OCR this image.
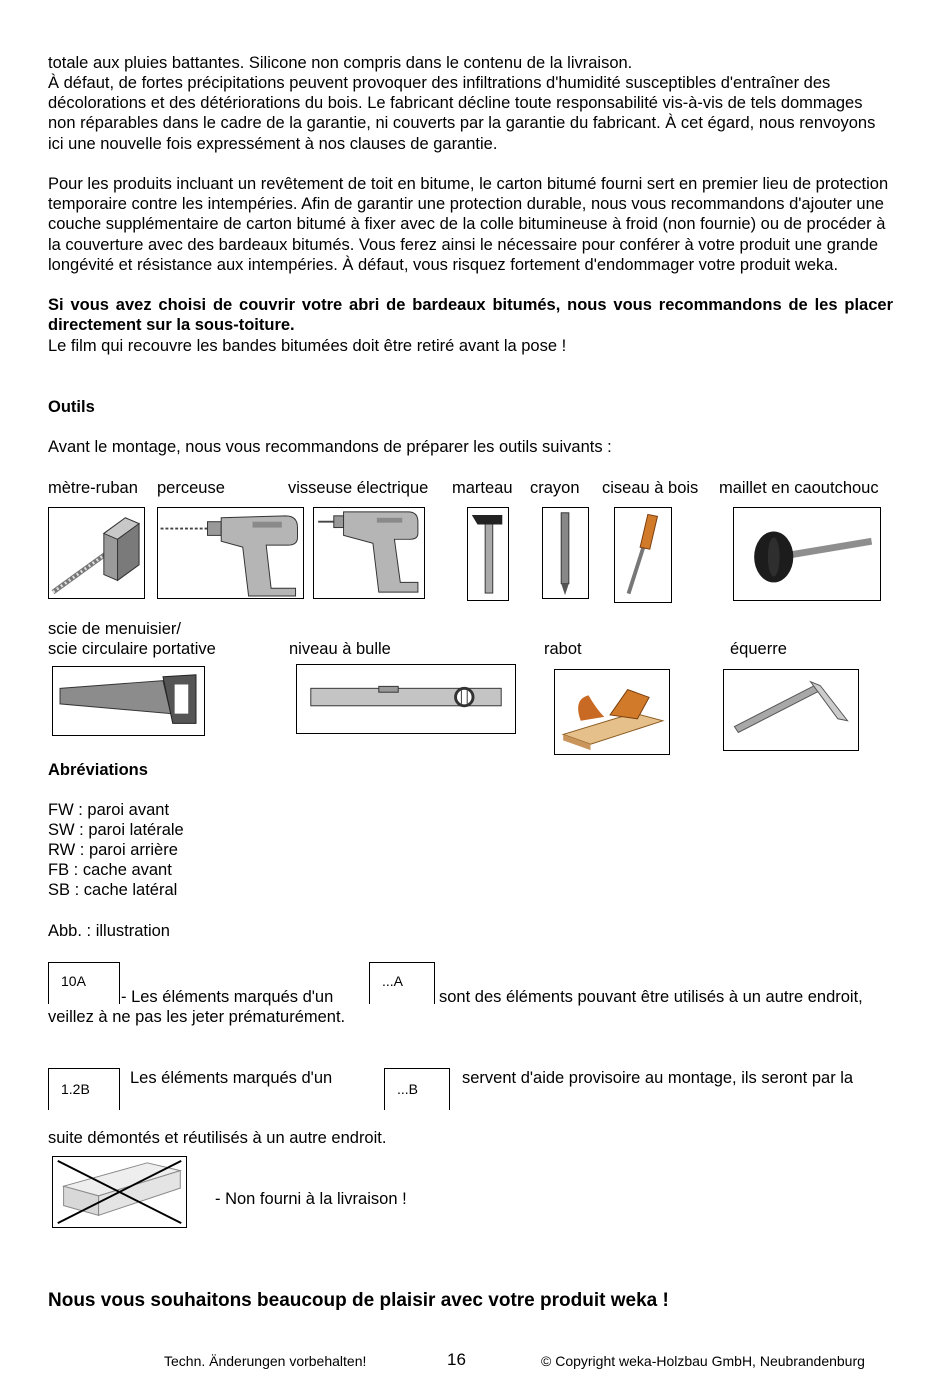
totale aux pluies battantes. Silicone non compris dans le contenu de la livraison.

À défaut, de fortes précipitations peuvent provoquer des infiltrations d'humidité susceptibles d'entraîner des décolorations et des détériorations du bois. Le fabricant décline toute responsabilité vis-à-vis de tels dommages non réparables dans le cadre de la garantie, ni couverts par la garantie du fabricant. À cet égard, nous renvoyons ici une nouvelle fois expressément à nos clauses de garantie.

Pour les produits incluant un revêtement de toit en bitume, le carton bitumé fourni sert en premier lieu de protection temporaire contre les intempéries. Afin de garantir une protection durable, nous vous recommandons d'ajouter une couche supplémentaire de carton bitumé à fixer avec de la colle bitumineuse à froid (non fournie) ou de procéder à la couverture avec des bardeaux bitumés. Vous ferez ainsi le nécessaire pour conférer à votre produit une grande longévité et résistance aux intempéries. À défaut, vous risquez fortement d'endommager votre produit weka.

Si vous avez choisi de couvrir votre abri de bardeaux bitumés, nous vous recommandons de les placer directement sur la sous-toiture.

Le film qui recouvre les bandes bitumées doit être retiré avant la pose !

Outils
Avant le montage, nous vous recommandons de préparer les outils suivants :
mètre-ruban perceuse	visseuse électrique marteau crayon ciseau à bois maillet en caoutchouc
scie de menuisier/
scie circulaire portative	niveau à bulle	rabot	équerre
Abréviations
FW : paroi avant
SW : paroi latérale
RW : paroi arrière
FB : cache avant
SB : cache latéral
Abb. : illustration
10A
- Les éléments marqués d'un
...A
sont des éléments pouvant être utilisés à un autre endroit,
veillez à ne pas les jeter prématurément.
1.2B
Les éléments marqués d'un
...B
servent d'aide provisoire au montage, ils seront par la
suite démontés et réutilisés à un autre endroit.
- Non fourni à la livraison !
Nous vous souhaitons beaucoup de plaisir avec votre produit weka !
Techn. Änderungen vorbehalten!	16	© Copyright weka-Holzbau GmbH, Neubrandenburg
